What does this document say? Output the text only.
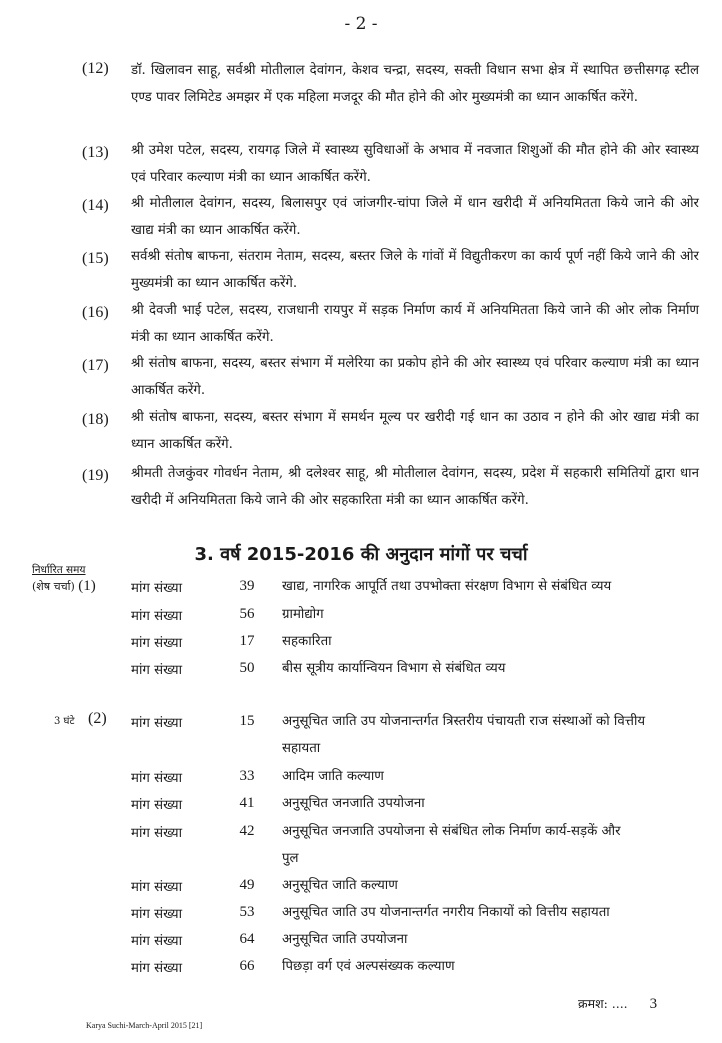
- 2 -
(12) डॉ. खिलावन साहू, सर्वश्री मोतीलाल देवांगन, केशव चन्द्रा, सदस्य, सक्ती विधान सभा क्षेत्र में स्थापित छत्तीसगढ़ स्टील एण्ड पावर लिमिटेड अमझर में एक महिला मजदूर की मौत होने की ओर मुख्यमंत्री का ध्यान आकर्षित करेंगे.
(13) श्री उमेश पटेल, सदस्य, रायगढ़ जिले में स्वास्थ्य सुविधाओं के अभाव में नवजात शिशुओं की मौत होने की ओर स्वास्थ्य एवं परिवार कल्याण मंत्री का ध्यान आकर्षित करेंगे.
(14) श्री मोतीलाल देवांगन, सदस्य, बिलासपुर एवं जांजगीर-चांपा जिले में धान खरीदी में अनियमितता किये जाने की ओर खाद्य मंत्री का ध्यान आकर्षित करेंगे.
(15) सर्वश्री संतोष बाफना, संतराम नेताम, सदस्य, बस्तर जिले के गांवों में विद्युतीकरण का कार्य पूर्ण नहीं किये जाने की ओर मुख्यमंत्री का ध्यान आकर्षित करेंगे.
(16) श्री देवजी भाई पटेल, सदस्य, राजधानी रायपुर में सड़क निर्माण कार्य में अनियमितता किये जाने की ओर लोक निर्माण मंत्री का ध्यान आकर्षित करेंगे.
(17) श्री संतोष बाफना, सदस्य, बस्तर संभाग में मलेरिया का प्रकोप होने की ओर स्वास्थ्य एवं परिवार कल्याण मंत्री का ध्यान आकर्षित करेंगे.
(18) श्री संतोष बाफना, सदस्य, बस्तर संभाग में समर्थन मूल्य पर खरीदी गई धान का उठाव न होने की ओर खाद्य मंत्री का ध्यान आकर्षित करेंगे.
(19) श्रीमती तेजकुंवर गोवर्धन नेताम, श्री दलेश्वर साहू, श्री मोतीलाल देवांगन, सदस्य, प्रदेश में सहकारी समितियों द्वारा धान खरीदी में अनियमितता किये जाने की ओर सहकारिता मंत्री का ध्यान आकर्षित करेंगे.
3. वर्ष 2015-2016 की अनुदान मांगों पर चर्चा
निर्धारित समय
(शेष चर्चा) (1)	मांग संख्या	39	खाद्य, नागरिक आपूर्ति तथा उपभोक्ता संरक्षण विभाग से संबंधित व्यय
मांग संख्या	56	ग्रामोद्योग
मांग संख्या	17	सहकारिता
मांग संख्या	50	बीस सूत्रीय कार्यान्वियन विभाग से संबंधित व्यय
3 घंटे (2) मांग संख्या	15	अनुसूचित जाति उप योजनान्तर्गत त्रिस्तरीय पंचायती राज संस्थाओं को वित्तीय सहायता
मांग संख्या	33	आदिम जाति कल्याण
मांग संख्या	41	अनुसूचित जनजाति उपयोजना
मांग संख्या	42	अनुसूचित जनजाति उपयोजना से संबंधित लोक निर्माण कार्य-सड़कें और पुल
मांग संख्या	49	अनुसूचित जाति कल्याण
मांग संख्या	53	अनुसूचित जाति उप योजनान्तर्गत नगरीय निकायों को वित्तीय सहायता
मांग संख्या	64	अनुसूचित जाति उपयोजना
मांग संख्या	66	पिछड़ा वर्ग एवं अल्पसंख्यक कल्याण
क्रमश: .... 3
Karya Suchi-March-April 2015 [21]
